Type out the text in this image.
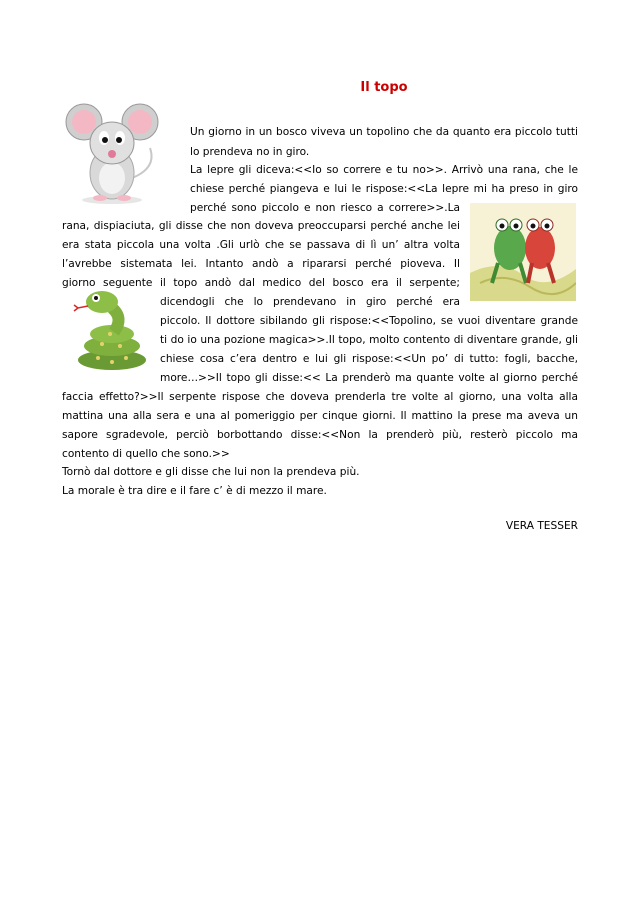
Il topo
Un giorno in un bosco viveva un topolino che da quanto era piccolo tutti
lo prendeva no in giro.
La lepre gli diceva:<<Io so correre e tu no>>. Arrivò una rana, che le
chiese perché piangeva e lui le rispose:<<La lepre mi ha preso in giro
perché sono piccolo e non riesco a correre>>.La
rana, dispiaciuta, gli disse che non doveva preoccuparsi perché anche lei
era stata piccola una volta .Gli urlò che se passava di lì un’ altra volta
l’avrebbe sistemata lei. Intanto andò a ripararsi perché pioveva. Il
giorno seguente il topo andò dal medico del bosco era il serpente;
dicendogli che lo prendevano in giro perché era
piccolo. Il dottore sibilando gli rispose:<<Topolino, se vuoi diventare grande
ti do io una pozione magica>>.Il topo, molto contento di diventare grande, gli
chiese cosa c’era dentro e lui gli rispose:<<Un po’ di tutto: fogli, bacche,
more…>>Il topo gli disse:<< La prenderò ma quante volte al giorno perché
faccia effetto?>>Il serpente rispose che doveva prenderla tre volte al giorno, una volta alla
mattina una alla sera e una al pomeriggio per cinque giorni. Il mattino la prese ma aveva un
sapore sgradevole, perciò borbottando disse:<<Non la prenderò più, resterò piccolo ma
contento di quello che sono.>>
Tornò dal dottore e gli disse che lui non la prendeva più.
La morale è tra dire e il fare c’ è di mezzo il mare.
VERA TESSER
